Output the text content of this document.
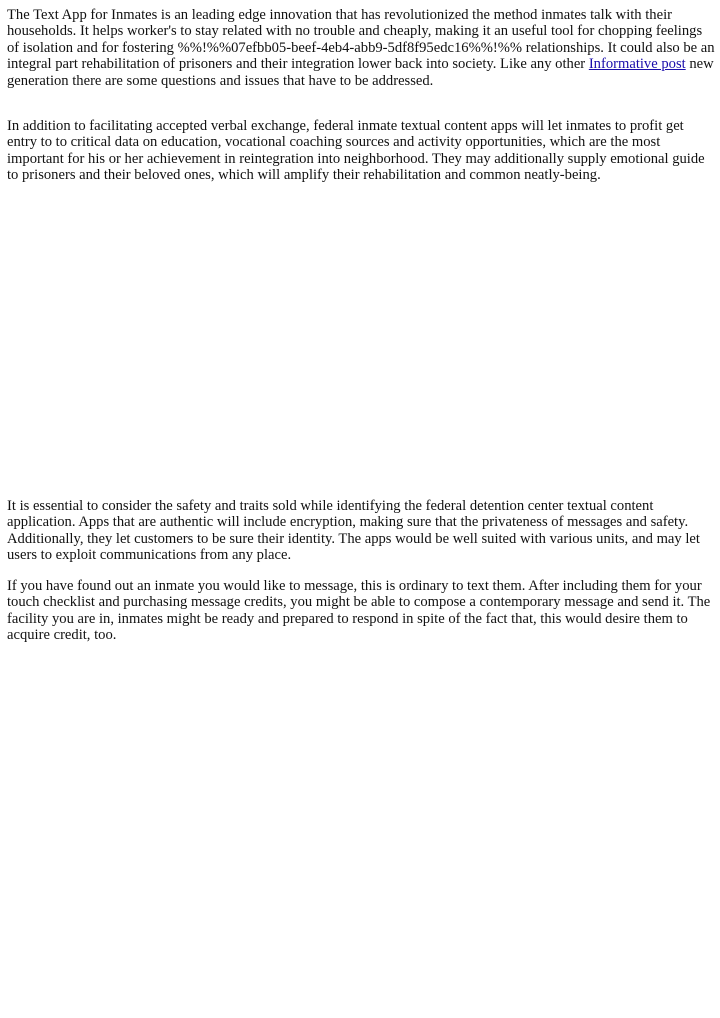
The Text App for Inmates is an leading edge innovation that has revolutionized the method inmates talk with their households. It helps worker's to stay related with no trouble and cheaply, making it an useful tool for chopping feelings of isolation and for fostering %%!%%07efbb05-beef-4eb4-abb9-5df8f95edc16%%!%% relationships. It could also be an integral part rehabilitation of prisoners and their integration lower back into society. Like any other Informative post new generation there are some questions and issues that have to be addressed.

In addition to facilitating accepted verbal exchange, federal inmate textual content apps will let inmates to profit get entry to to critical data on education, vocational coaching sources and activity opportunities, which are the most important for his or her achievement in reintegration into neighborhood. They may additionally supply emotional guide to prisoners and their beloved ones, which will amplify their rehabilitation and common neatly-being.

It is essential to consider the safety and traits sold while identifying the federal detention center textual content application. Apps that are authentic will include encryption, making sure that the privateness of messages and safety. Additionally, they let customers to be sure their identity. The apps would be well suited with various units, and may let users to exploit communications from any place.

If you have found out an inmate you would like to message, this is ordinary to text them. After including them for your touch checklist and purchasing message credits, you might be able to compose a contemporary message and send it. The facility you are in, inmates might be ready and prepared to respond in spite of the fact that, this would desire them to acquire credit, too.
